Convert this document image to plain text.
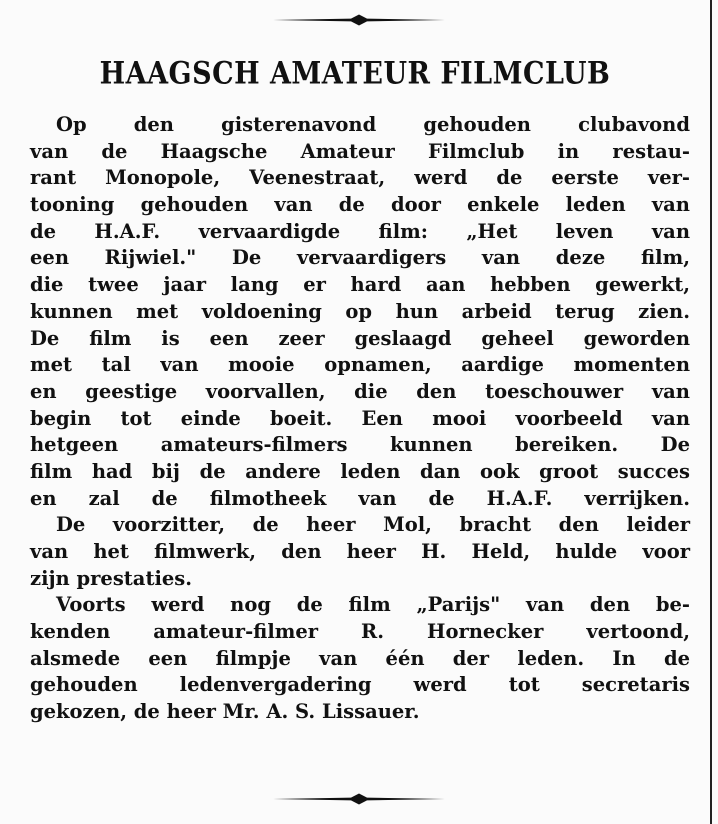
HAAGSCH AMATEUR FILMCLUB
Op den gisterenavond gehouden clubavond
van de Haagsche Amateur Filmclub in restau-
rant Monopole, Veenestraat, werd de eerste ver-
tooning gehouden van de door enkele leden van
de H.A.F. vervaardigde film: „Het leven van
een Rijwiel." De vervaardigers van deze film,
die twee jaar lang er hard aan hebben gewerkt,
kunnen met voldoening op hun arbeid terug zien.
De film is een zeer geslaagd geheel geworden
met tal van mooie opnamen, aardige momenten
en geestige voorvallen, die den toeschouwer van
begin tot einde boeit. Een mooi voorbeeld van
hetgeen amateurs-filmers kunnen bereiken. De
film had bij de andere leden dan ook groot succes
en zal de filmotheek van de H.A.F. verrijken.
De voorzitter, de heer Mol, bracht den leider
van het filmwerk, den heer H. Held, hulde voor
zijn prestaties.
Voorts werd nog de film „Parijs" van den be-
kenden amateur-filmer R. Hornecker vertoond,
alsmede een filmpje van één der leden. In de
gehouden ledenvergadering werd tot secretaris
gekozen, de heer Mr. A. S. Lissauer.
